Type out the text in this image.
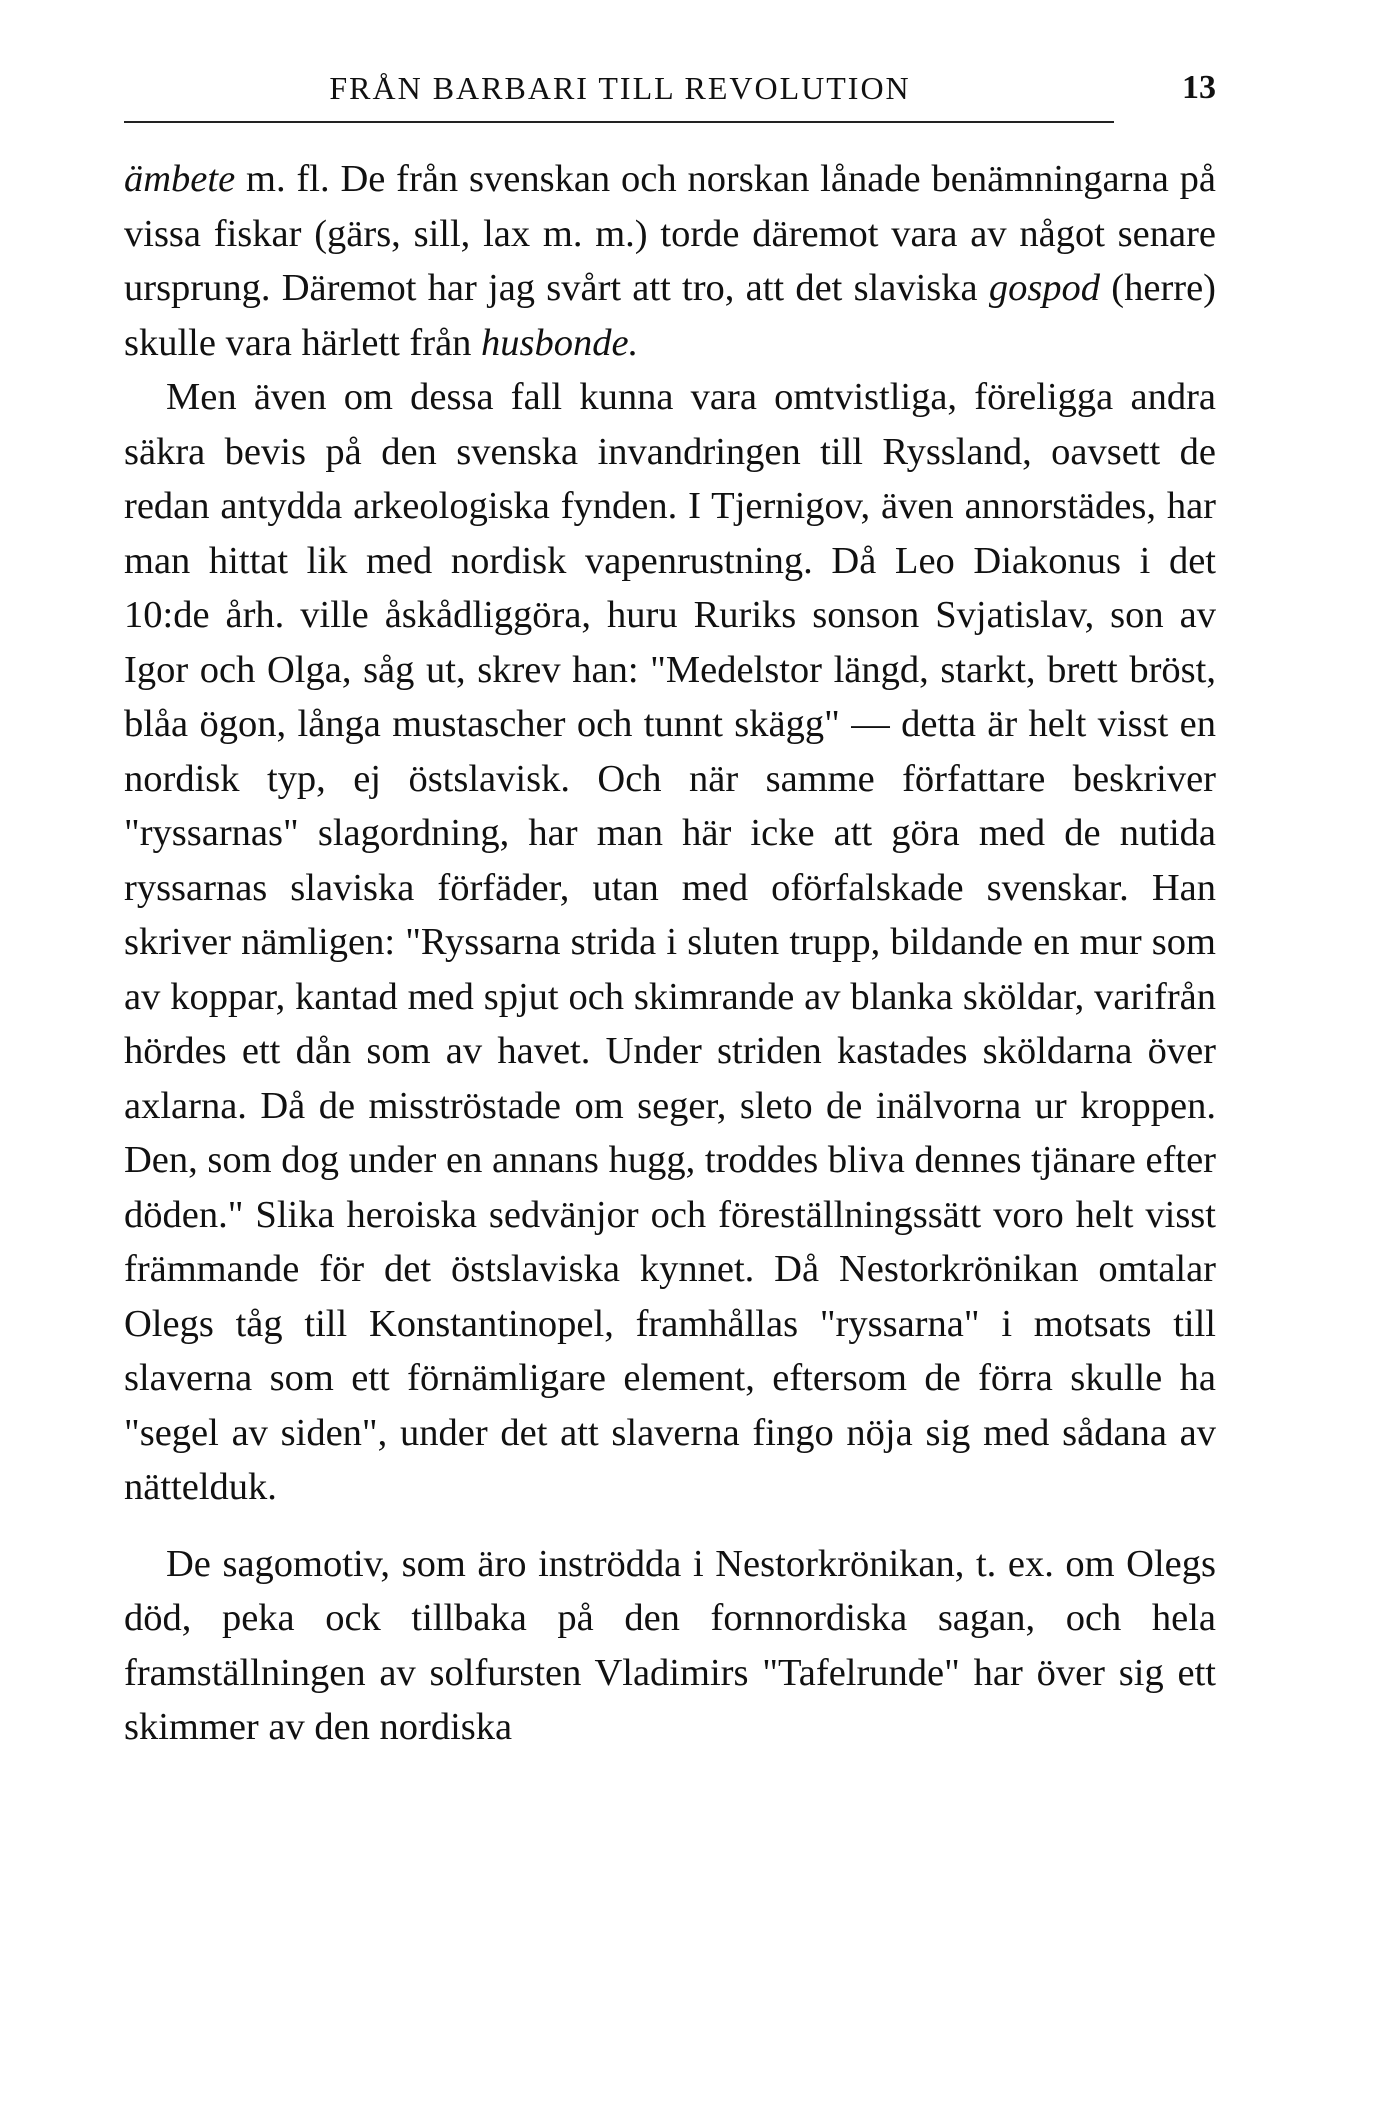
FRÅN BARBARI TILL REVOLUTION	13

ämbete m. fl. De från svenskan och norskan lånade benämningarna på vissa fiskar (gärs, sill, lax m. m.) torde däremot vara av något senare ursprung. Däremot har jag svårt att tro, att det slaviska gospod (herre) skulle vara härlett från husbonde.

Men även om dessa fall kunna vara omtvistliga, föreligga andra säkra bevis på den svenska invandringen till Ryssland, oavsett de redan antydda arkeologiska fynden. I Tjernigov, även annorstädes, har man hittat lik med nordisk vapenrustning. Då Leo Diakonus i det 10:de årh. ville åskådliggöra, huru Ruriks sonson Svjatislav, son av Igor och Olga, såg ut, skrev han: "Medelstor längd, starkt, brett bröst, blåa ögon, långa mustascher och tunnt skägg" — detta är helt visst en nordisk typ, ej östslavisk. Och när samme författare beskriver "ryssarnas" slagordning, har man här icke att göra med de nutida ryssarnas slaviska förfäder, utan med oförfalskade svenskar. Han skriver nämligen: "Ryssarna strida i sluten trupp, bildande en mur som av koppar, kantad med spjut och skimrande av blanka sköldar, varifrån hördes ett dån som av havet. Under striden kastades sköldarna över axlarna. Då de misströstade om seger, sleto de inälvorna ur kroppen. Den, som dog under en annans hugg, troddes bliva dennes tjänare efter döden." Slika heroiska sedvänjor och föreställningssätt voro helt visst främmande för det östslaviska kynnet. Då Nestorkrönikan omtalar Olegs tåg till Konstantinopel, framhållas "ryssarna" i motsats till slaverna som ett förnämligare element, eftersom de förra skulle ha "segel av siden", under det att slaverna fingo nöja sig med sådana av nättelduk.

De sagomotiv, som äro inströdda i Nestorkrönikan, t. ex. om Olegs död, peka ock tillbaka på den fornnordiska sagan, och hela framställningen av solfursten Vladimirs "Tafelrunde" har över sig ett skimmer av den nordiska
